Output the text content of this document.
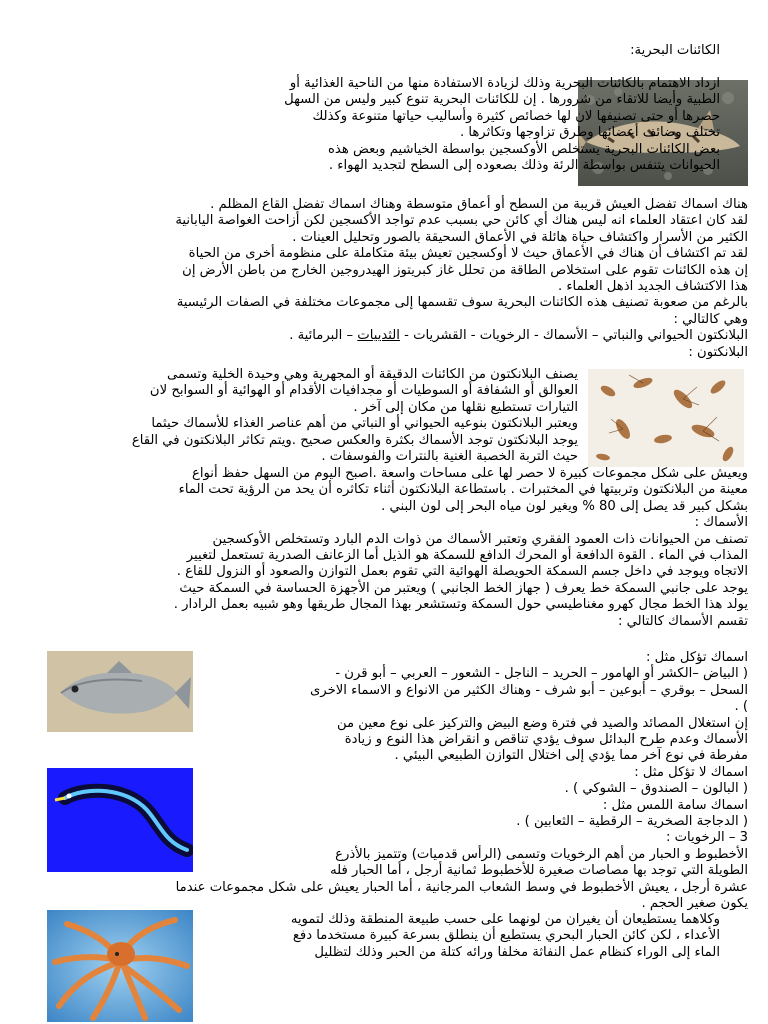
الكائنات البحرية:

ازداد الاهتمام بالكائنات البحرية وذلك لزيادة الاستفادة منها من الناحية الغذائية أو
الطبية وأيضا للاتقاء من شرورها . إن للكائنات البحرية تنوع كبير وليس من السهل
حصرها أو حتى تصنيفها لان لها خصائص كثيرة وأساليب حياتها متنوعة وكذلك
تختلف وضائف أعضائها وطرق تزاوجها وتكاثرها .
بعض الكائنات البحرية يستخلص الأوكسجين بواسطة الخياشيم وبعض هذه
الحيوانات يتنفس بواسطة الرئة وذلك بصعوده إلى السطح لتجديد الهواء .
هناك اسماك تفضل العيش قريبة من السطح أو أعماق متوسطة وهناك اسماك تفضل القاع المظلم .
لقد كان اعتقاد العلماء انه ليس هناك أي كائن حي بسبب عدم تواجد الأكسجين لكن أزاحت الغواصة اليابانية
الكثير من الأسرار واكتشاف حياة هائلة في الأعماق السحيقة بالصور وتحليل العينات .
لقد تم اكتشاف أن هناك في الأعماق حيث لا أوكسجين تعيش بيئة متكاملة على منظومة أخرى من الحياة
إن هذه الكائنات تقوم على استخلاص الطاقة من تحلل غاز كبريتوز الهيدروجين الخارج من باطن الأرض إن
هذا الاكتشاف الجديد اذهل العلماء .
بالرغم من صعوبة تصنيف هذه الكائنات البحرية سوف تقسمها إلى مجموعات مختلفة في الصفات الرئيسية
وهي كالتالي :
البلانكتون الحيواني والنباتي – الأسماك - الرخويات - القشريات - الثدييات – البرمائية .
البلانكتون :
يصنف البلانكتون من الكائنات الدقيقة أو المجهرية وهي وحيدة الخلية وتسمى
العوالق أو الشفافة أو السوطيات أو مجدافيات الأقدام أو الهوائية أو السوابح لان
التيارات تستطيع نقلها من مكان إلى آخر .
ويعتبر البلانكتون بنوعيه الحيواني أو النباتي من أهم عناصر الغذاء للأسماك حيثما
يوجد البلانكتون توجد الأسماك بكثرة والعكس صحيح .ويتم تكاثر البلانكتون في القاع
حيث التربة الخصبة الغنية بالنترات والفوسفات .
ويعيش على شكل مجموعات كبيرة لا حصر لها على مساحات واسعة .اصبح اليوم من السهل حفظ أنواع
معينة من البلانكتون وتربيتها في المختبرات . باستطاعة البلانكتون أثناء تكاثره أن يحد من الرؤية تحت الماء
بشكل كبير قد يصل إلى 80 % ويغير لون مياه البحر إلى لون البني .
الأسماك :
تصنف من الحيوانات ذات العمود الفقري وتعتبر الأسماك من ذوات الدم البارد وتستخلص الأوكسجين
المذاب في الماء . القوة الدافعة أو المحرك الدافع للسمكة هو الذيل أما الزعانف الصدرية تستعمل لتغيير
الاتجاه ويوجد في داخل جسم السمكة الحويصلة الهوائية التي تقوم بعمل التوازن والصعود أو النزول للقاع .
يوجد على جانبي السمكة خط يعرف ( جهاز الخط الجانبي ) ويعتبر من الأجهزة الحساسة في السمكة حيث
يولد هذا الخط مجال كهرو مغناطيسي حول السمكة وتستشعر بهذا المجال طريقها وهو شبيه بعمل الرادار .
تقسم الأسماك كالتالي :
اسماك تؤكل مثل :
( البياض –الكشر أو الهامور – الحريد – الناجل - الشعور – العربي – أبو قرن -
السحل – بوقري – أبوعين – أبو شرف - وهناك الكثير من الانواع و الاسماء الاخرى
) .
إن استغلال المصائد والصيد في فترة وضع البيض والتركيز على نوع معين من
الأسماك وعدم طرح البدائل سوف يؤدي تناقص و انقراض هذا النوع و زيادة
مفرطة في نوع آخر مما يؤدي إلى اختلال التوازن الطبيعي البيئي .
اسماك لا تؤكل مثل :
( البالون – الصندوق – الشوكي ) .
اسماك سامة اللمس مثل :
( الدجاجة الصخرية – الرقطية – الثعابين ) .
3 – الرخويات :
الأخطبوط و الحبار من أهم الرخويات وتسمى (الرأس قدميات) وتتميز بالأذرع
الطويلة التي توجد بها مصاصات صغيرة للأخطبوط ثمانية أرجل ، أما الحبار فله
عشرة أرجل ، يعيش الأخطبوط في وسط الشعاب المرجانية ، أما الحبار يعيش على شكل مجموعات عندما
يكون صغير الحجم .
وكلاهما يستطيعان أن يغيران من لونهما على حسب طبيعة المنطقة وذلك لتمويه
الأعداء ، لكن كائن الحبار البحري يستطيع أن ينطلق بسرعة كبيرة مستخدما دفع
الماء إلى الوراء كنظام عمل النفاثة مخلفا ورائه كتلة من الحبر وذلك لتظليل
